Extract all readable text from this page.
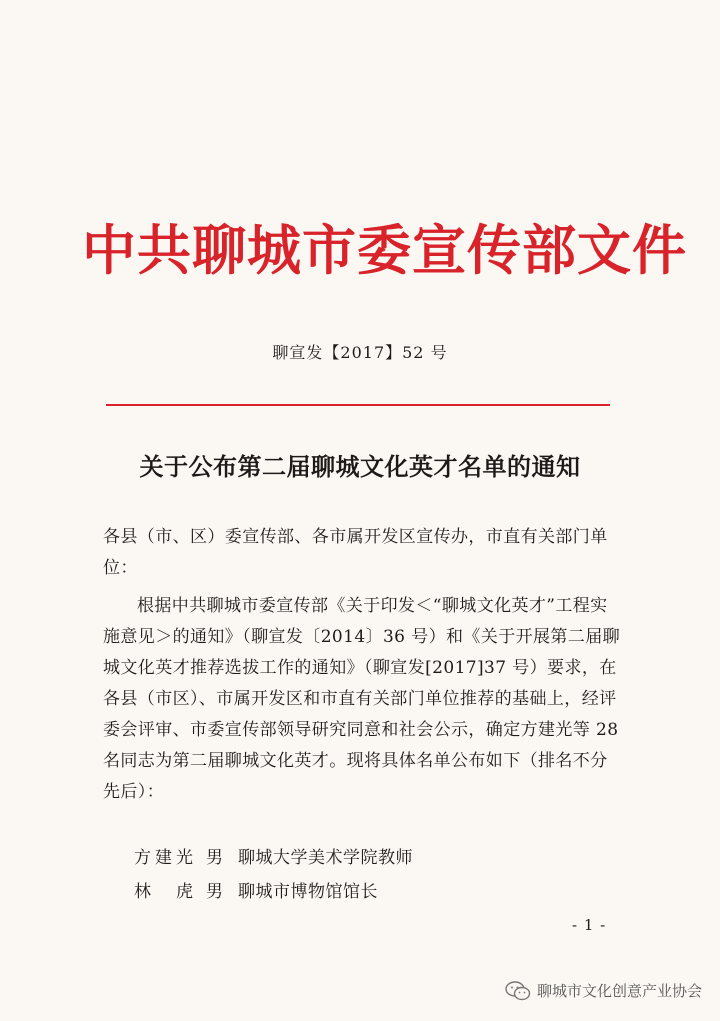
中共聊城市委宣传部文件
聊宣发【2017】52 号
关于公布第二届聊城文化英才名单的通知
各县（市、区）委宣传部、各市属开发区宣传办，市直有关部门单位：
根据中共聊城市委宣传部《关于印发＜“聊城文化英才”工程实施意见＞的通知》（聊宣发〔2014〕36 号）和《关于开展第二届聊城文化英才推荐选拔工作的通知》（聊宣发[2017]37 号）要求，在各县（市区）、市属开发区和市直有关部门单位推荐的基础上，经评委会评审、市委宣传部领导研究同意和社会公示，确定方建光等 28 名同志为第二届聊城文化英才。现将具体名单公布如下（排名不分先后）：
方建光 男 聊城大学美术学院教师
林　虎 男 聊城市博物馆馆长
- 1 -
聊城市文化创意产业协会
